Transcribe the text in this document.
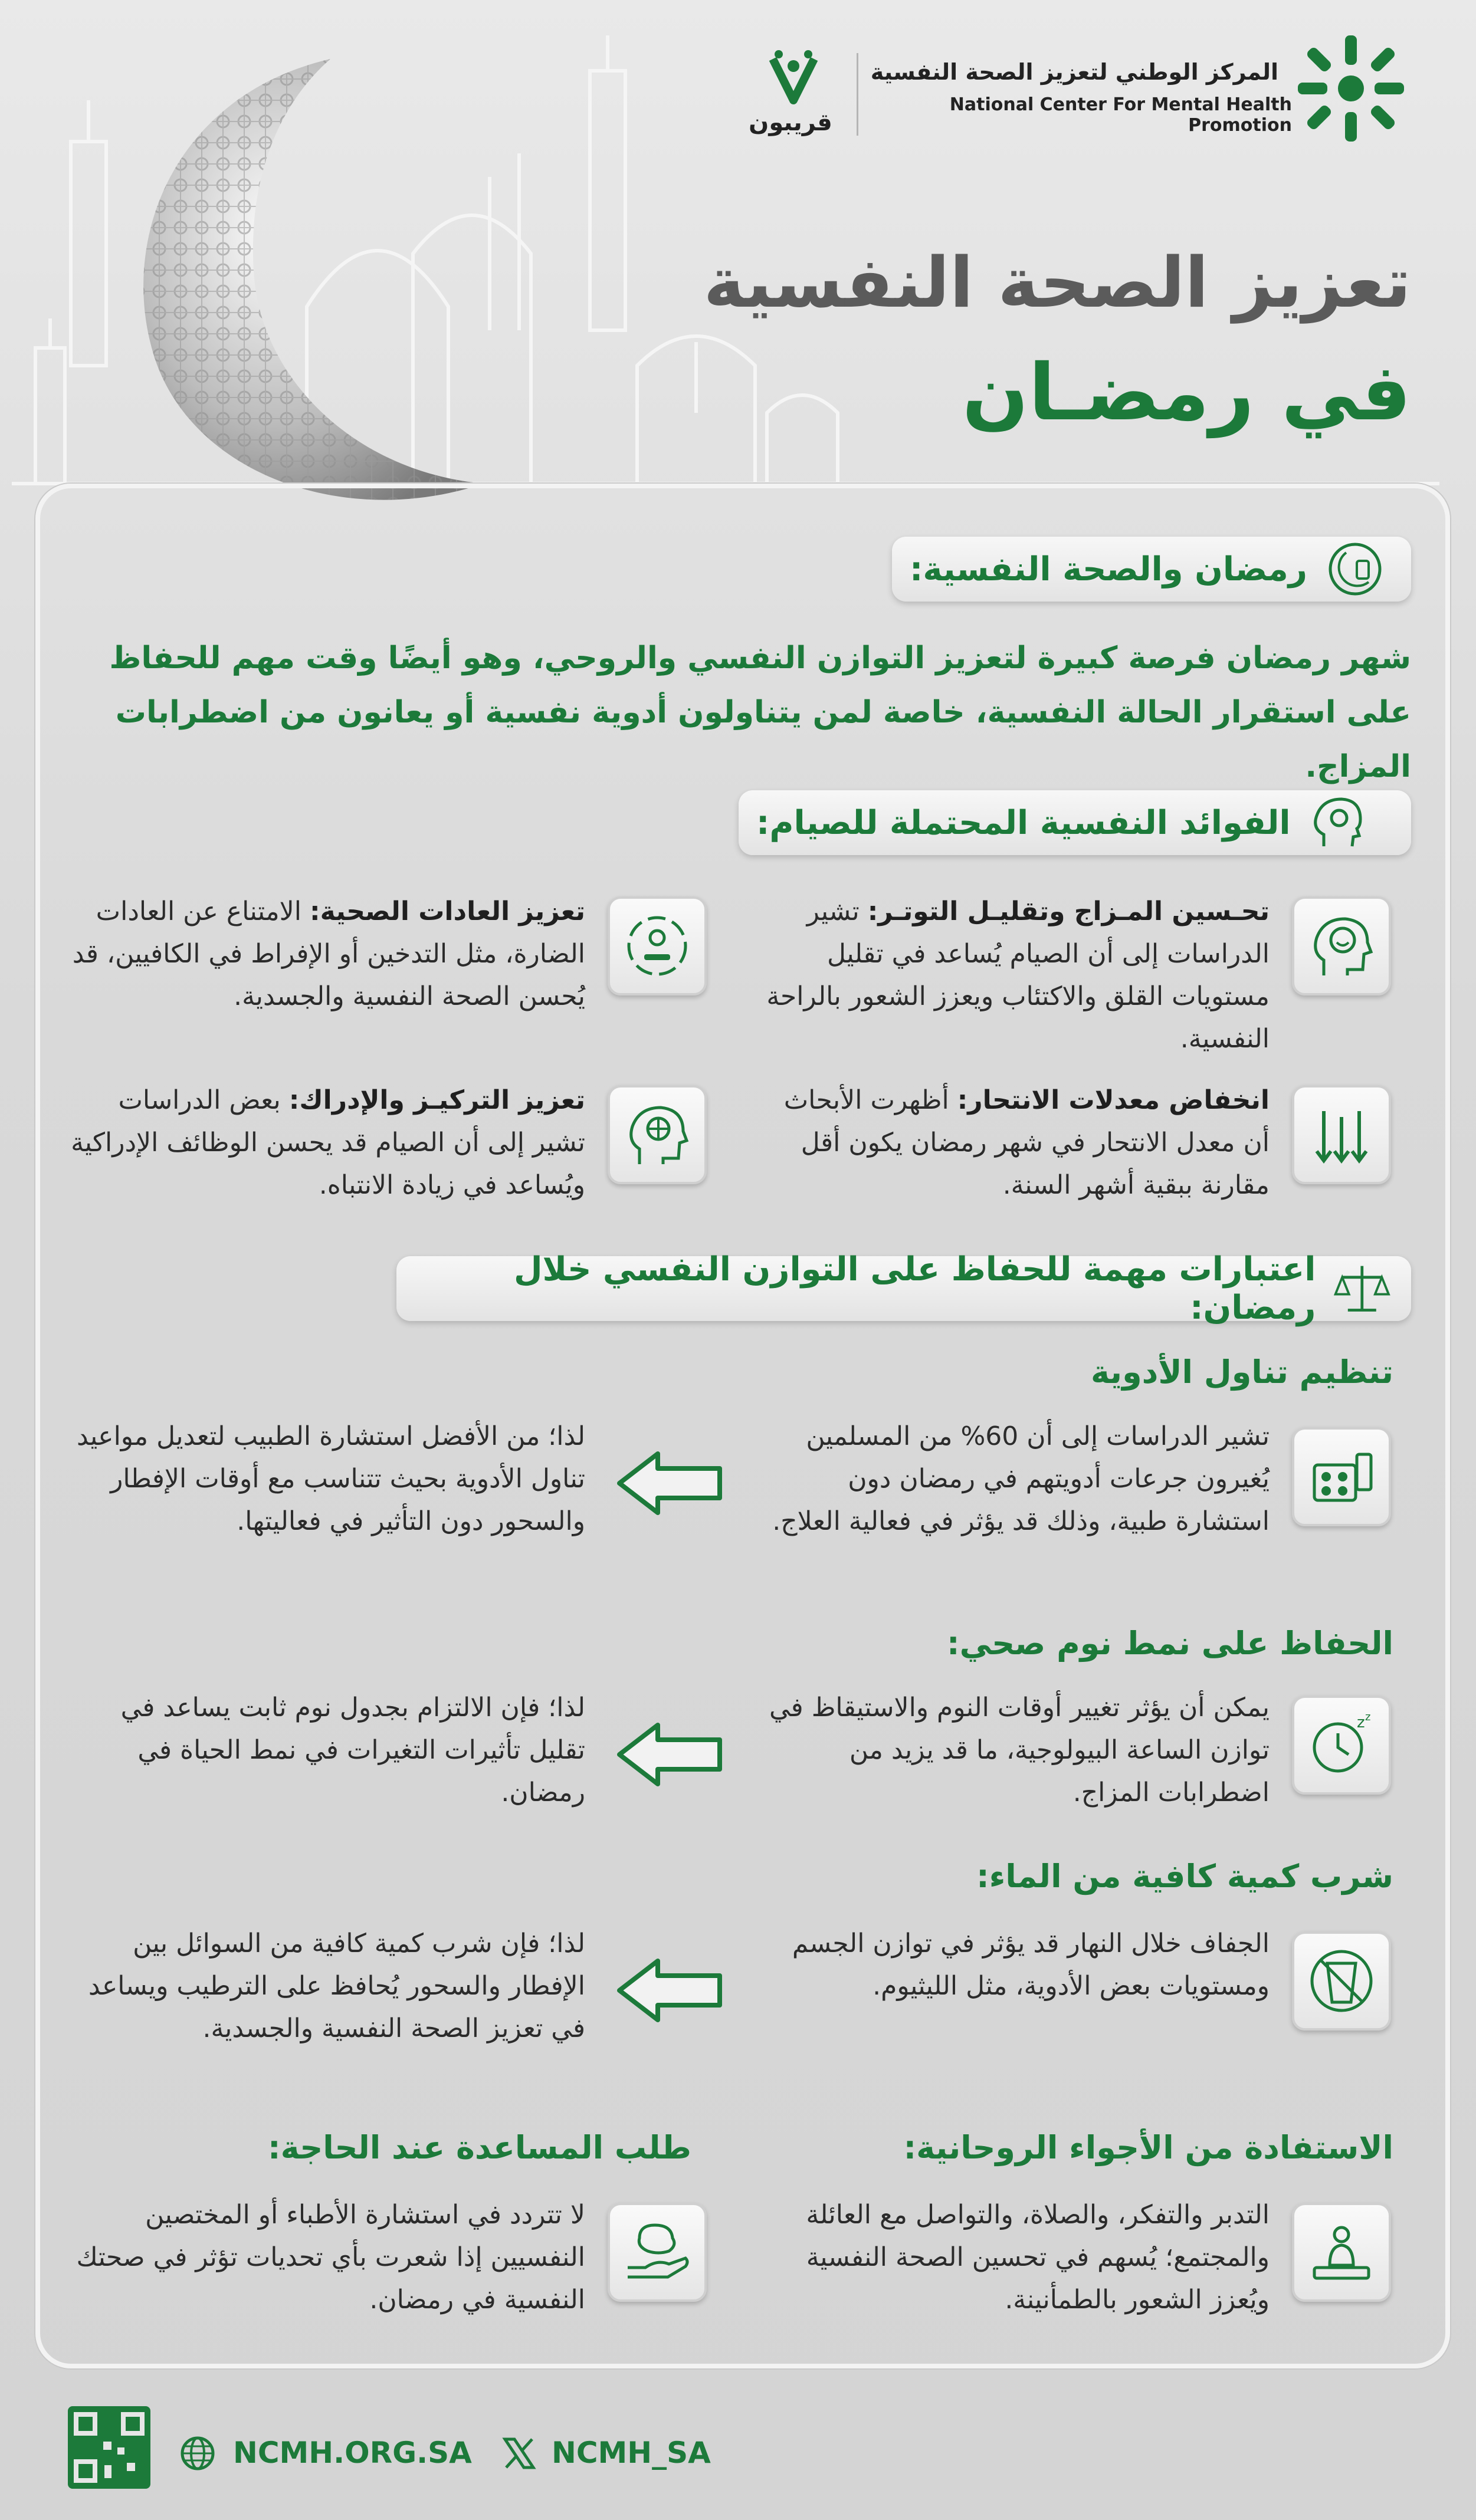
المركز الوطني لتعزيز الصحة النفسية
National Center For Mental Health Promotion
قريبون
تعزيز الصحة النفسية
في رمضـان
رمضان والصحة النفسية:
شهر رمضان فرصة كبيرة لتعزيز التوازن النفسي والروحي، وهو أيضًا وقت مهم للحفاظ على استقرار الحالة النفسية، خاصة لمن يتناولون أدوية نفسية أو يعانون من اضطرابات المزاج.
الفوائد النفسية المحتملة للصيام:
تحـسين المـزاج وتقليـل التوتـر: تشير الدراسات إلى أن الصيام يُساعد في تقليل مستويات القلق والاكتئاب ويعزز الشعور بالراحة النفسية.
تعزيز العادات الصحية: الامتناع عن العادات الضارة، مثل التدخين أو الإفراط في الكافيين، قد يُحسن الصحة النفسية والجسدية.
انخفاض معدلات الانتحار: أظهرت الأبحاث أن معدل الانتحار في شهر رمضان يكون أقل مقارنة ببقية أشهر السنة.
تعزيز التركيـز والإدراك: بعض الدراسات تشير إلى أن الصيام قد يحسن الوظائف الإدراكية ويُساعد في زيادة الانتباه.
اعتبارات مهمة للحفاظ على التوازن النفسي خلال رمضان:
تنظيم تناول الأدوية
تشير الدراسات إلى أن 60% من المسلمين يُغيرون جرعات أدويتهم في رمضان دون استشارة طبية، وذلك قد يؤثر في فعالية العلاج.
لذا؛ من الأفضل استشارة الطبيب لتعديل مواعيد تناول الأدوية بحيث تتناسب مع أوقات الإفطار والسحور دون التأثير في فعاليتها.
الحفاظ على نمط نوم صحي:
z z
يمكن أن يؤثر تغيير أوقات النوم والاستيقاظ في توازن الساعة البيولوجية، ما قد يزيد من اضطرابات المزاج.
لذا؛ فإن الالتزام بجدول نوم ثابت يساعد في تقليل تأثيرات التغيرات في نمط الحياة في رمضان.
شرب كمية كافية من الماء:
الجفاف خلال النهار قد يؤثر في توازن الجسم ومستويات بعض الأدوية، مثل الليثيوم.
لذا؛ فإن شرب كمية كافية من السوائل بين الإفطار والسحور يُحافظ على الترطيب ويساعد في تعزيز الصحة النفسية والجسدية.
الاستفادة من الأجواء الروحانية:
التدبر والتفكر، والصلاة، والتواصل مع العائلة والمجتمع؛ يُسهم في تحسين الصحة النفسية ويُعزز الشعور بالطمأنينة.
طلب المساعدة عند الحاجة:
لا تتردد في استشارة الأطباء أو المختصين النفسيين إذا شعرت بأي تحديات تؤثر في صحتك النفسية في رمضان.
NCMH.ORG.SA	NCMH_SA
